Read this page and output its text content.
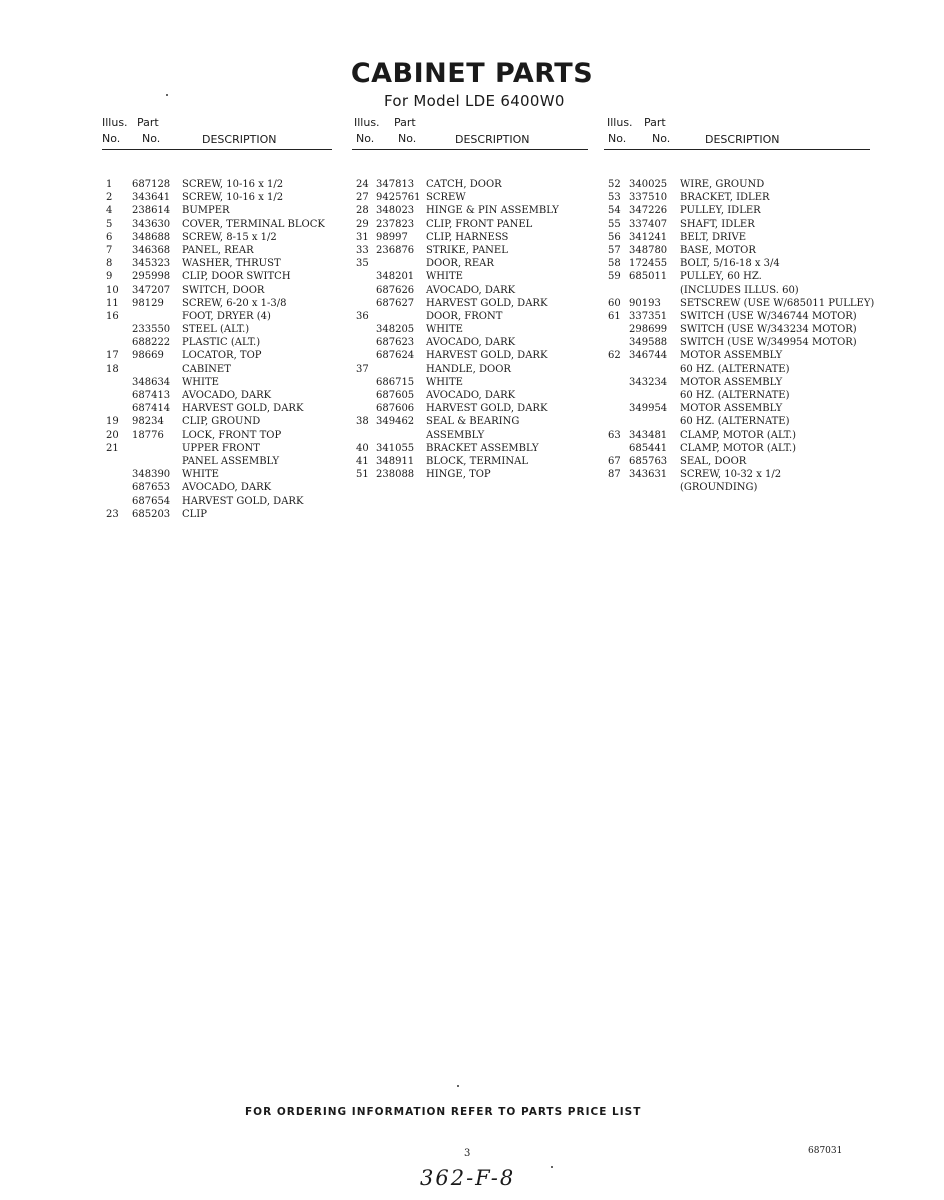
CABINET PARTS
For Model LDE 6400W0
Illus.
No.
Part
No.	DESCRIPTION
1 687128 SCREW, 10-16 x 1/2
2 343641 SCREW, 10-16 x 1/2
4 238614 BUMPER
5 343630 COVER, TERMINAL BLOCK
6 348688 SCREW, 8-15 x 1/2
7 346368 PANEL, REAR
8 345323 WASHER, THRUST
9 295998 CLIP, DOOR SWITCH
10 347207 SWITCH, DOOR
11 98129 SCREW, 6-20 x 1-3/8
16	FOOT, DRYER (4)
233550 STEEL (ALT.)
688222 PLASTIC (ALT.)
17 98669 LOCATOR, TOP
18	CABINET
348634 WHITE
687413 AVOCADO, DARK
687414 HARVEST GOLD, DARK
19 98234 CLIP, GROUND
20 18776 LOCK, FRONT TOP
21	UPPER FRONT
PANEL ASSEMBLY
348390 WHITE
687653 AVOCADO, DARK
687654 HARVEST GOLD, DARK
23 685203 CLIP
Illus.
No.
Part
No.	DESCRIPTION
24 347813 CATCH, DOOR
27 9425761 SCREW
28 348023 HINGE & PIN ASSEMBLY
29 237823 CLIP, FRONT PANEL
31 98997 CLIP, HARNESS
33 236876 STRIKE, PANEL
35	DOOR, REAR
348201 WHITE
687626 AVOCADO, DARK
687627 HARVEST GOLD, DARK
36	DOOR, FRONT
348205 WHITE
687623 AVOCADO, DARK
687624 HARVEST GOLD, DARK
37	HANDLE, DOOR
686715 WHITE
687605 AVOCADO, DARK
687606 HARVEST GOLD, DARK
38 349462 SEAL & BEARING
ASSEMBLY
40 341055 BRACKET ASSEMBLY
41 348911 BLOCK, TERMINAL
51 238088 HINGE, TOP
Illus.
No.
Part
No.	DESCRIPTION
52 340025 WIRE, GROUND
53 337510 BRACKET, IDLER
54 347226 PULLEY, IDLER
55 337407 SHAFT, IDLER
56 341241 BELT, DRIVE
57 348780 BASE, MOTOR
58 172455 BOLT, 5/16-18 x 3/4
59 685011 PULLEY, 60 HZ.
(INCLUDES ILLUS. 60)
60 90193 SETSCREW (USE W/685011 PULLEY)
61 337351 SWITCH (USE W/346744 MOTOR)
298699 SWITCH (USE W/343234 MOTOR)
349588 SWITCH (USE W/349954 MOTOR)
62 346744 MOTOR ASSEMBLY
60 HZ. (ALTERNATE)
343234 MOTOR ASSEMBLY
60 HZ. (ALTERNATE)
349954 MOTOR ASSEMBLY
60 HZ. (ALTERNATE)
63 343481 CLAMP, MOTOR (ALT.)
685441 CLAMP, MOTOR (ALT.)
67 685763 SEAL, DOOR
87 343631 SCREW, 10-32 x 1/2
(GROUNDING)
FOR ORDERING INFORMATION REFER TO PARTS PRICE LIST
3	687031
362-F-8
